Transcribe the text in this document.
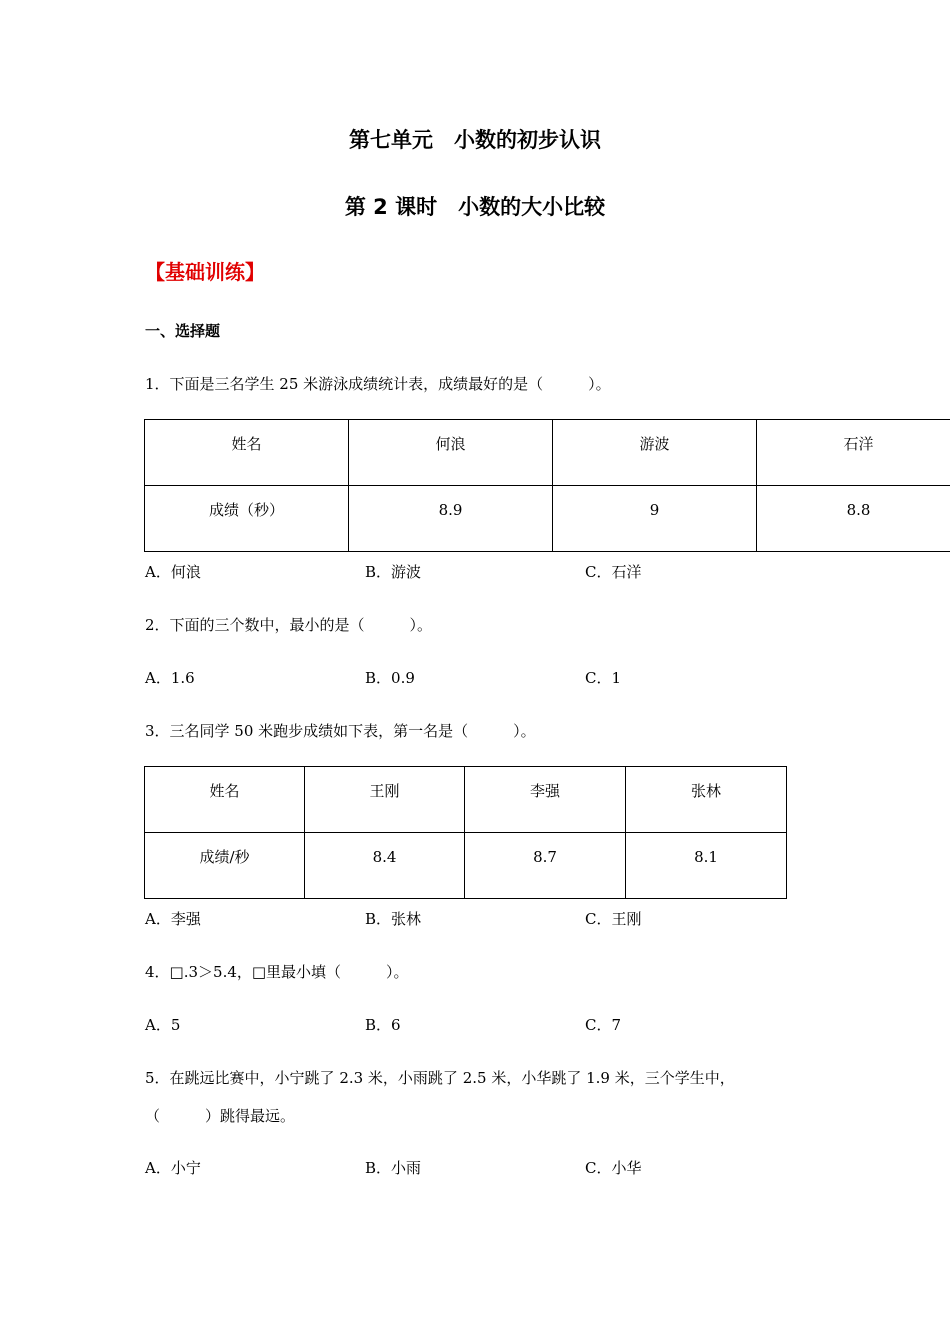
第七单元　小数的初步认识
第 2 课时　小数的大小比较
【基础训练】
一、选择题
1．下面是三名学生 25 米游泳成绩统计表，成绩最好的是（　　　）。
姓名	何浪	游波	石洋

成绩（秒）	8.9	9	8.8
A．何浪	B．游波	C．石洋
2．下面的三个数中，最小的是（　　　）。
A．1.6	B．0.9	C．1
3．三名同学 50 米跑步成绩如下表，第一名是（　　　）。
姓名	王刚	李强	张林

成绩/秒	8.4	8.7	8.1
A．李强	B．张林	C．王刚
4．□.3＞5.4，□里最小填（　　　）。
A．5	B．6	C．7
5．在跳远比赛中，小宁跳了 2.3 米，小雨跳了 2.5 米，小华跳了 1.9 米，三个学生中，
（　　　）跳得最远。
A．小宁	B．小雨	C．小华
